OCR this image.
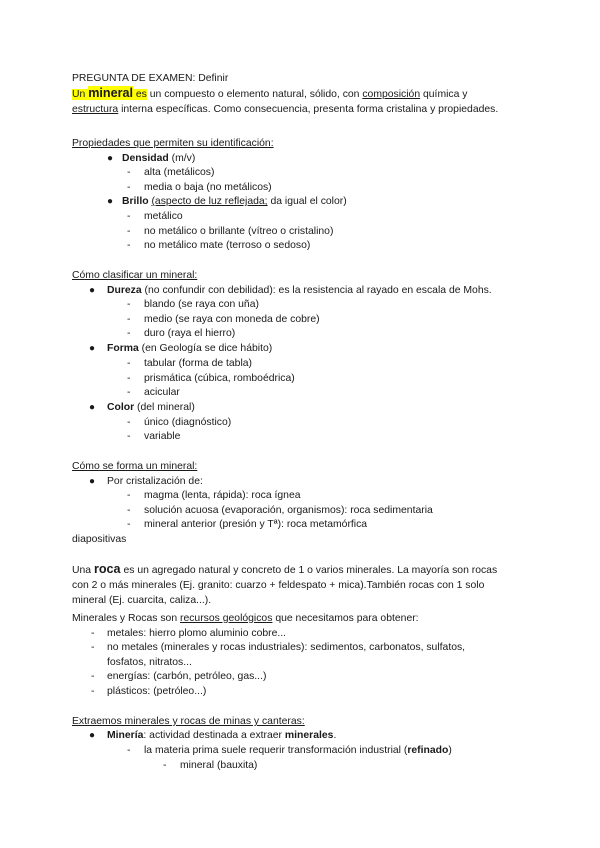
PREGUNTA DE EXAMEN: Definir
Un mineral es un compuesto o elemento natural, sólido, con composición química y
estructura interna específicas. Como consecuencia, presenta forma cristalina y propiedades.
Propiedades que permiten su identificación:
● Densidad (m/v)
- alta (metálicos)
- media o baja (no metálicos)
● Brillo (aspecto de luz reflejada; da igual el color)
- metálico
- no metálico o brillante (vítreo o cristalino)
- no metálico mate (terroso o sedoso)
Cómo clasificar un mineral:
● Dureza (no confundir con debilidad): es la resistencia al rayado en escala de Mohs.
- blando (se raya con uña)
- medio (se raya con moneda de cobre)
- duro (raya el hierro)
● Forma (en Geología se dice hábito)
- tabular (forma de tabla)
- prismática (cúbica, romboédrica)
- acicular
● Color (del mineral)
- único (diagnóstico)
- variable
Cómo se forma un mineral:
● Por cristalización de:
- magma (lenta, rápida): roca ígnea
- solución acuosa (evaporación, organismos): roca sedimentaria
- mineral anterior (presión y Tª): roca metamórfica
diapositivas
Una roca es un agregado natural y concreto de 1 o varios minerales. La mayoría son rocas
con 2 o más minerales (Ej. granito: cuarzo + feldespato + mica).También rocas con 1 solo
mineral (Ej. cuarcita, caliza...).
Minerales y Rocas son recursos geológicos que necesitamos para obtener:
- metales: hierro plomo aluminio cobre...
- no metales (minerales y rocas industriales): sedimentos, carbonatos, sulfatos,
fosfatos, nitratos...
- energías: (carbón, petróleo, gas...)
- plásticos: (petróleo...)
Extraemos minerales y rocas de minas y canteras:
● Minería: actividad destinada a extraer minerales.
- la materia prima suele requerir transformación industrial (refinado)
- mineral (bauxita)
